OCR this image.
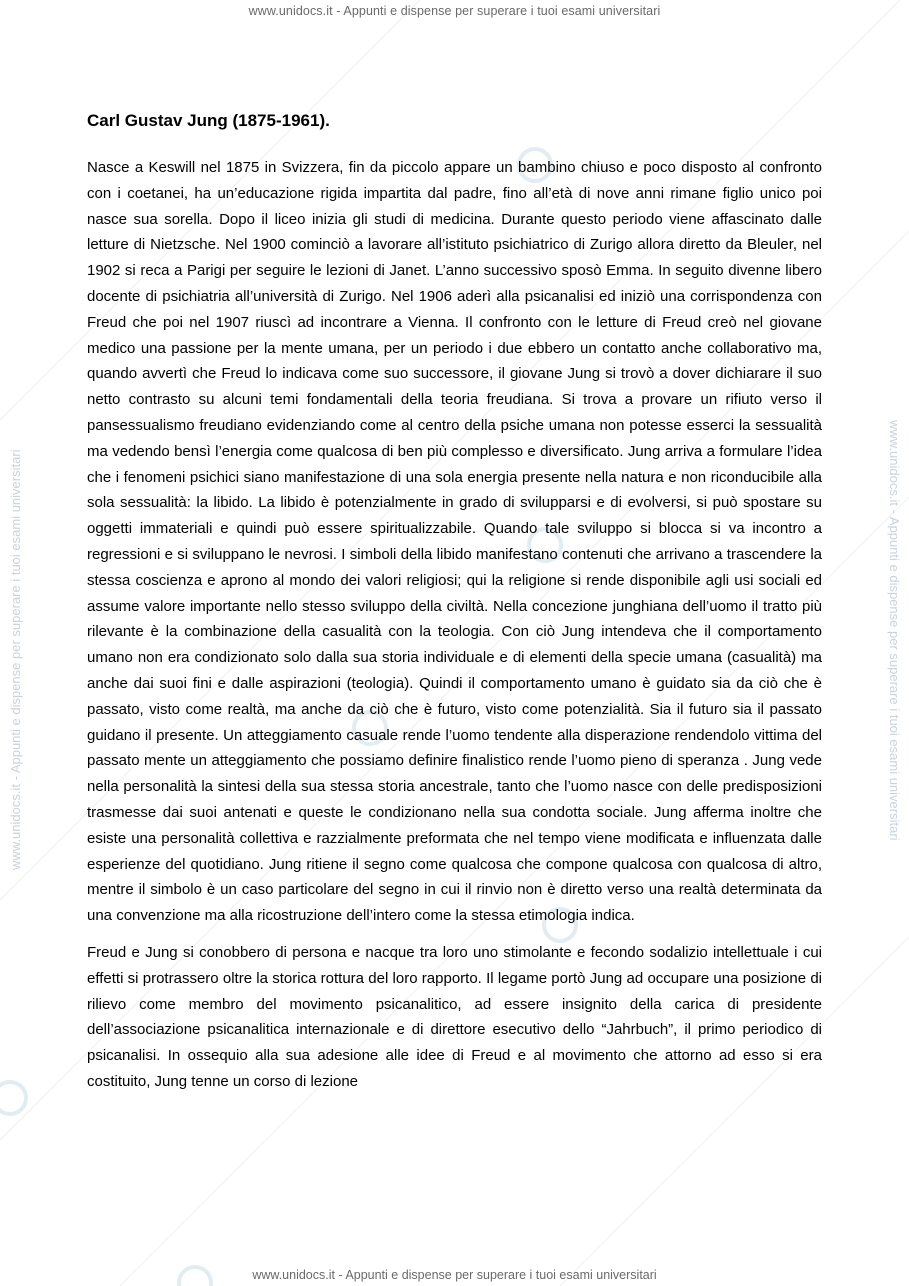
www.unidocs.it - Appunti e dispense per superare i tuoi esami universitari
www.unidocs.it - Appunti e dispense per superare i tuoi esami universitari	www.unidocs.it - Appunti e dispense per superare i tuoi esami universitari
Carl Gustav Jung (1875-1961).

Nasce a Keswill nel 1875 in Svizzera, fin da piccolo appare un bambino chiuso e poco disposto al confronto con i coetanei, ha un’educazione rigida impartita dal padre, fino all’età di nove anni rimane figlio unico poi nasce sua sorella. Dopo il liceo inizia gli studi di medicina. Durante questo periodo viene affascinato dalle letture di Nietzsche. Nel 1900 cominciò a lavorare all’istituto psichiatrico di Zurigo allora diretto da Bleuler, nel 1902 si reca a Parigi per seguire le lezioni di Janet. L’anno successivo sposò Emma. In seguito divenne libero docente di psichiatria all’università di Zurigo. Nel 1906 aderì alla psicanalisi ed iniziò una corrispondenza con Freud che poi nel 1907 riuscì ad incontrare a Vienna. Il confronto con le letture di Freud creò nel giovane medico una passione per la mente umana, per un periodo i due ebbero un contatto anche collaborativo ma, quando avvertì che Freud lo indicava come suo successore, il giovane Jung si trovò a dover dichiarare il suo netto contrasto su alcuni temi fondamentali della teoria freudiana. Si trova a provare un rifiuto verso il pansessualismo freudiano evidenziando come al centro della psiche umana non potesse esserci la sessualità ma vedendo bensì l’energia come qualcosa di ben più complesso e diversificato. Jung arriva a formulare l’idea che i fenomeni psichici siano manifestazione di una sola energia presente nella natura e non riconducibile alla sola sessualità: la libido. La libido è potenzialmente in grado di svilupparsi e di evolversi, si può spostare su oggetti immateriali e quindi può essere spiritualizzabile. Quando tale sviluppo si blocca si va incontro a regressioni e si sviluppano le nevrosi. I simboli della libido manifestano contenuti che arrivano a trascendere la stessa coscienza e aprono al mondo dei valori religiosi; qui la religione si rende disponibile agli usi sociali ed assume valore importante nello stesso sviluppo della civiltà. Nella concezione junghiana dell’uomo il tratto più rilevante è la combinazione della casualità con la teologia. Con ciò Jung intendeva che il comportamento umano non era condizionato solo dalla sua storia individuale e di elementi della specie umana (casualità) ma anche dai suoi fini e dalle aspirazioni (teologia). Quindi il comportamento umano è guidato sia da ciò che è passato, visto come realtà, ma anche da ciò che è futuro, visto come potenzialità. Sia il futuro sia il passato guidano il presente. Un atteggiamento casuale rende l’uomo tendente alla disperazione rendendolo vittima del passato mente un atteggiamento che possiamo definire finalistico rende l’uomo pieno di speranza . Jung vede nella personalità la sintesi della sua stessa storia ancestrale, tanto che l’uomo nasce con delle predisposizioni trasmesse dai suoi antenati e queste le condizionano nella sua condotta sociale. Jung afferma inoltre che esiste una personalità collettiva e razzialmente preformata che nel tempo viene modificata e influenzata dalle esperienze del quotidiano. Jung ritiene il segno come qualcosa che compone qualcosa con qualcosa di altro, mentre il simbolo è un caso particolare del segno in cui il rinvio non è diretto verso una realtà determinata da una convenzione ma alla ricostruzione dell’intero come la stessa etimologia indica.

Freud e Jung si conobbero di persona e nacque tra loro uno stimolante e fecondo sodalizio intellettuale i cui effetti si protrassero oltre la storica rottura del loro rapporto. Il legame portò Jung ad occupare una posizione di rilievo come membro del movimento psicanalitico, ad essere insignito della carica di presidente dell’associazione psicanalitica internazionale e di direttore esecutivo dello “Jahrbuch”, il primo periodico di psicanalisi. In ossequio alla sua adesione alle idee di Freud e al movimento che attorno ad esso si era costituito, Jung tenne un corso di lezione

www.unidocs.it - Appunti e dispense per superare i tuoi esami universitari
